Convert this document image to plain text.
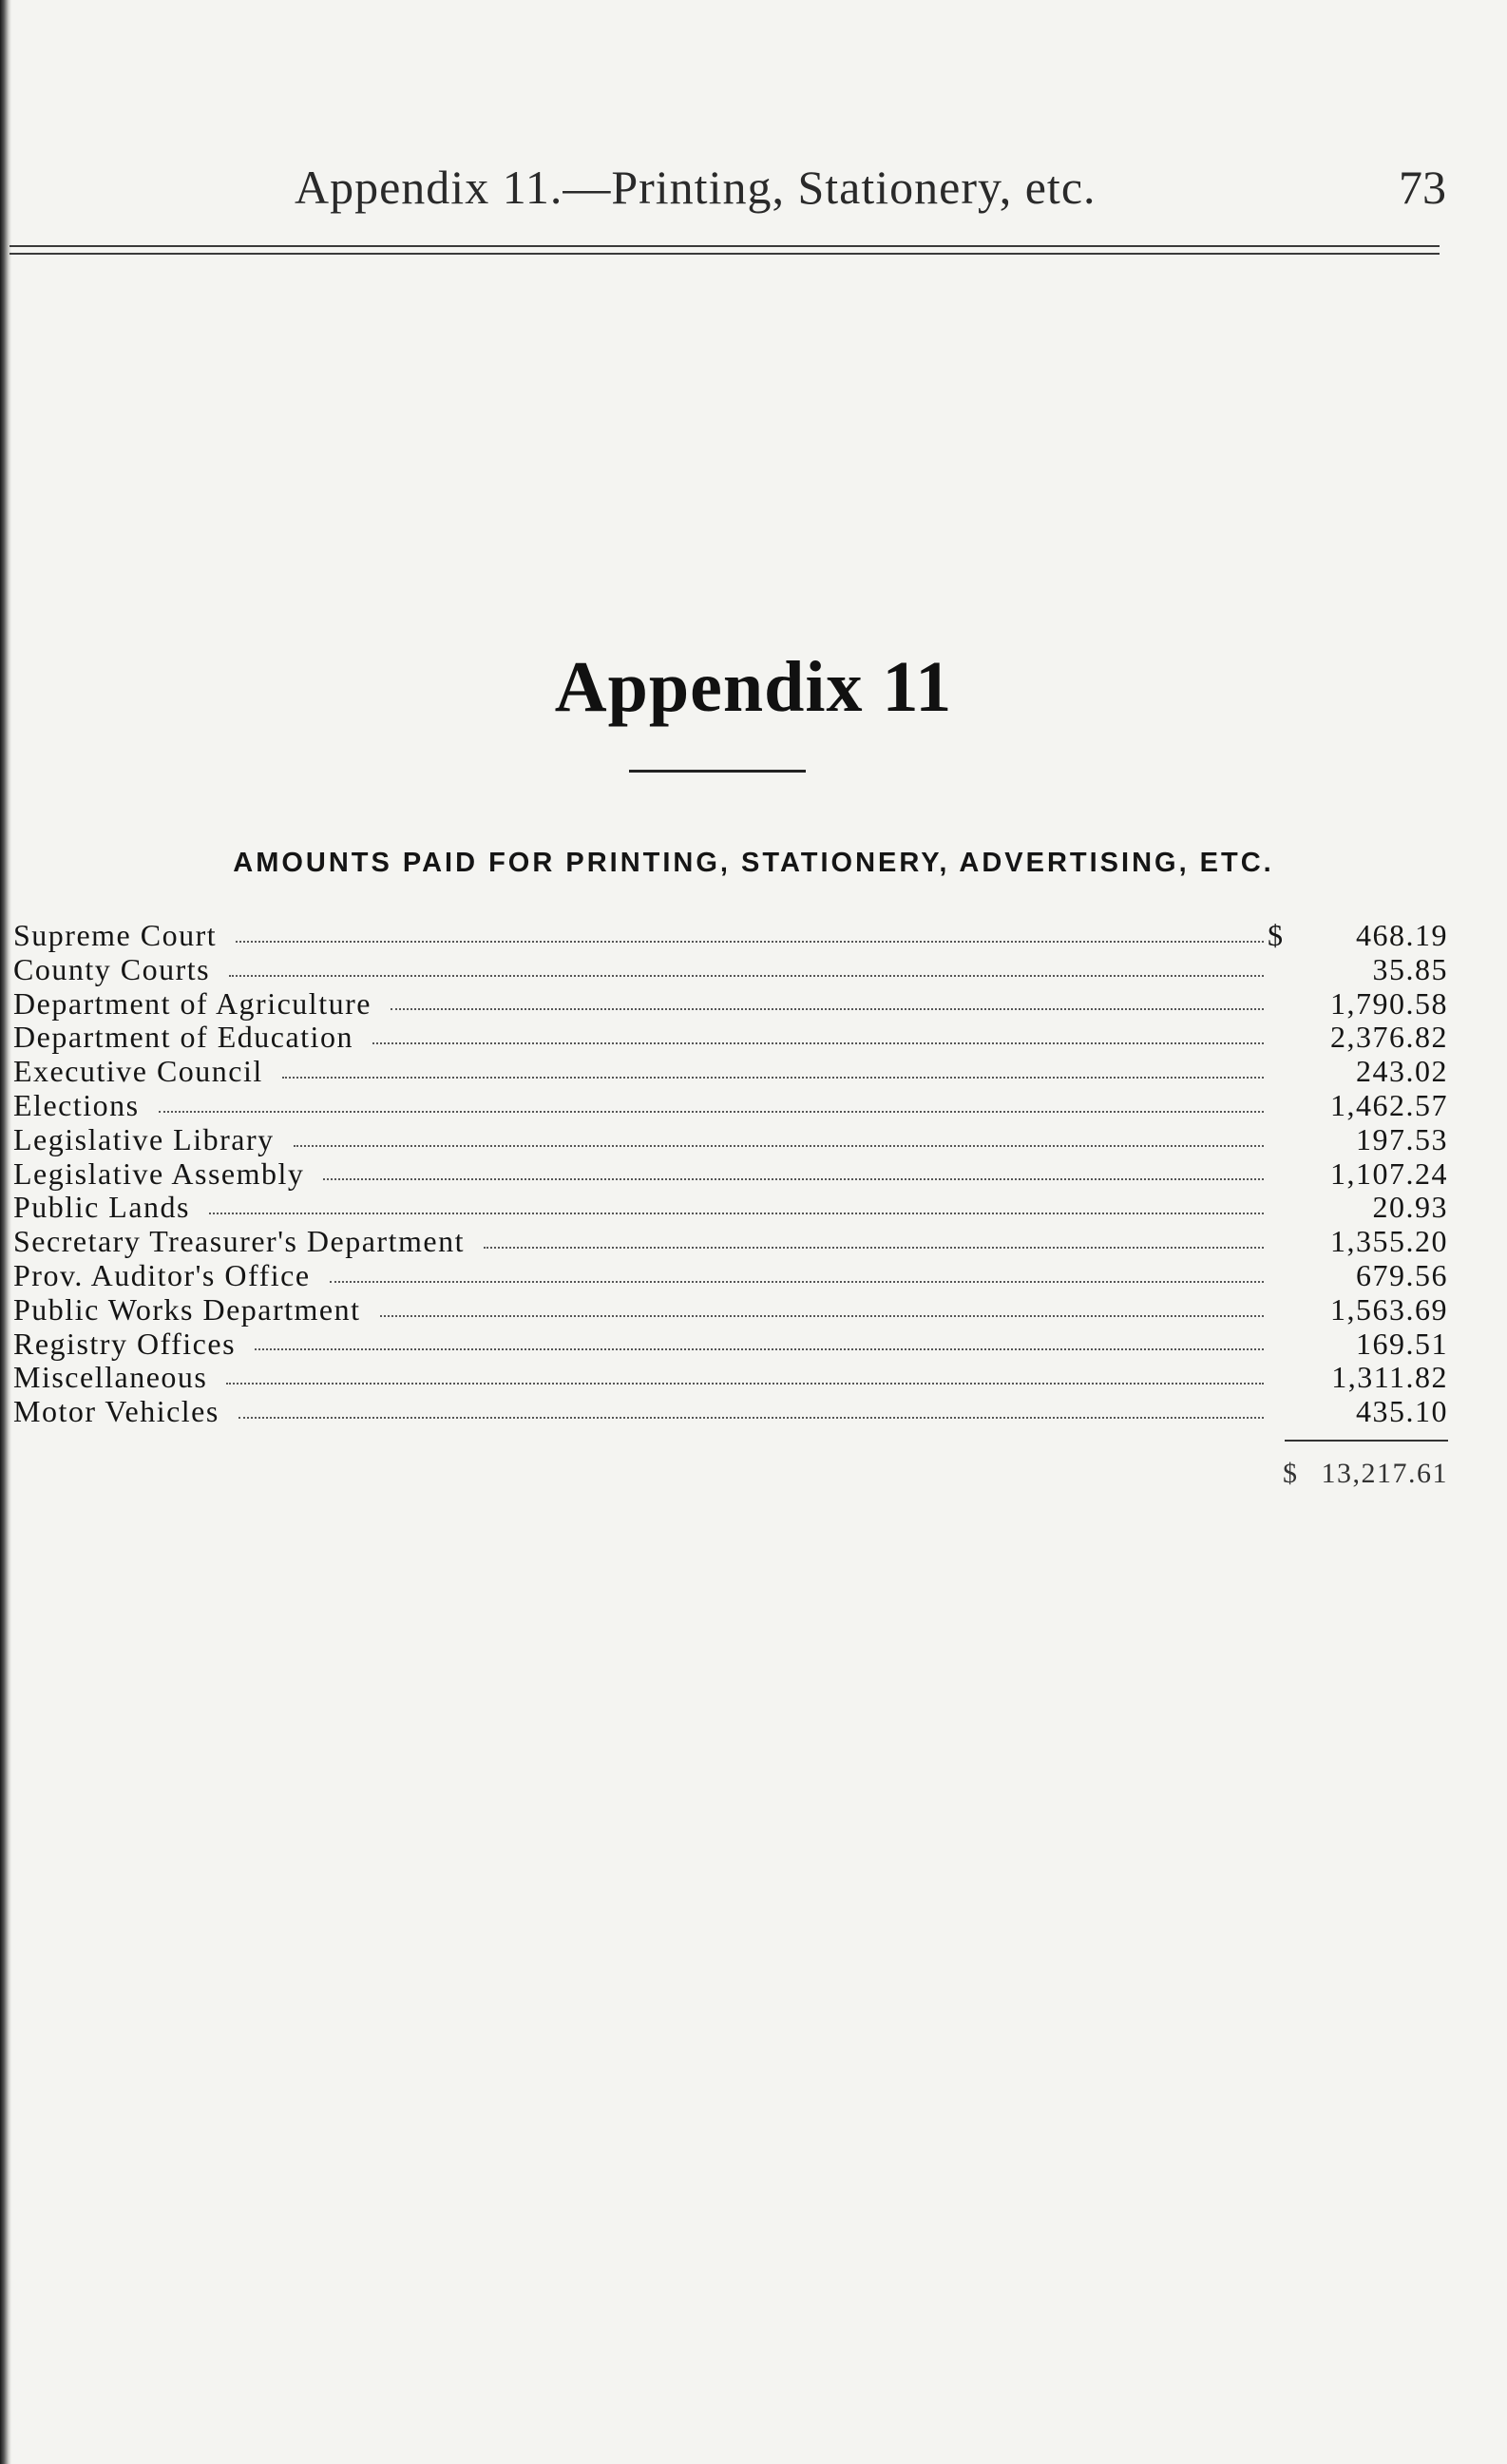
Appendix 11.—Printing, Stationery, etc.	73
Appendix 11
AMOUNTS PAID FOR PRINTING, STATIONERY, ADVERTISING, ETC.
Supreme Court	$	468.19
County Courts	35.85
Department of Agriculture	1,790.58
Department of Education	2,376.82
Executive Council	243.02
Elections	1,462.57
Legislative Library	197.53
Legislative Assembly	1,107.24
Public Lands	20.93
Secretary Treasurer's Department	1,355.20
Prov. Auditor's Office	679.56
Public Works Department	1,563.69
Registry Offices	169.51
Miscellaneous	1,311.82
Motor Vehicles	435.10
$ 13,217.61
